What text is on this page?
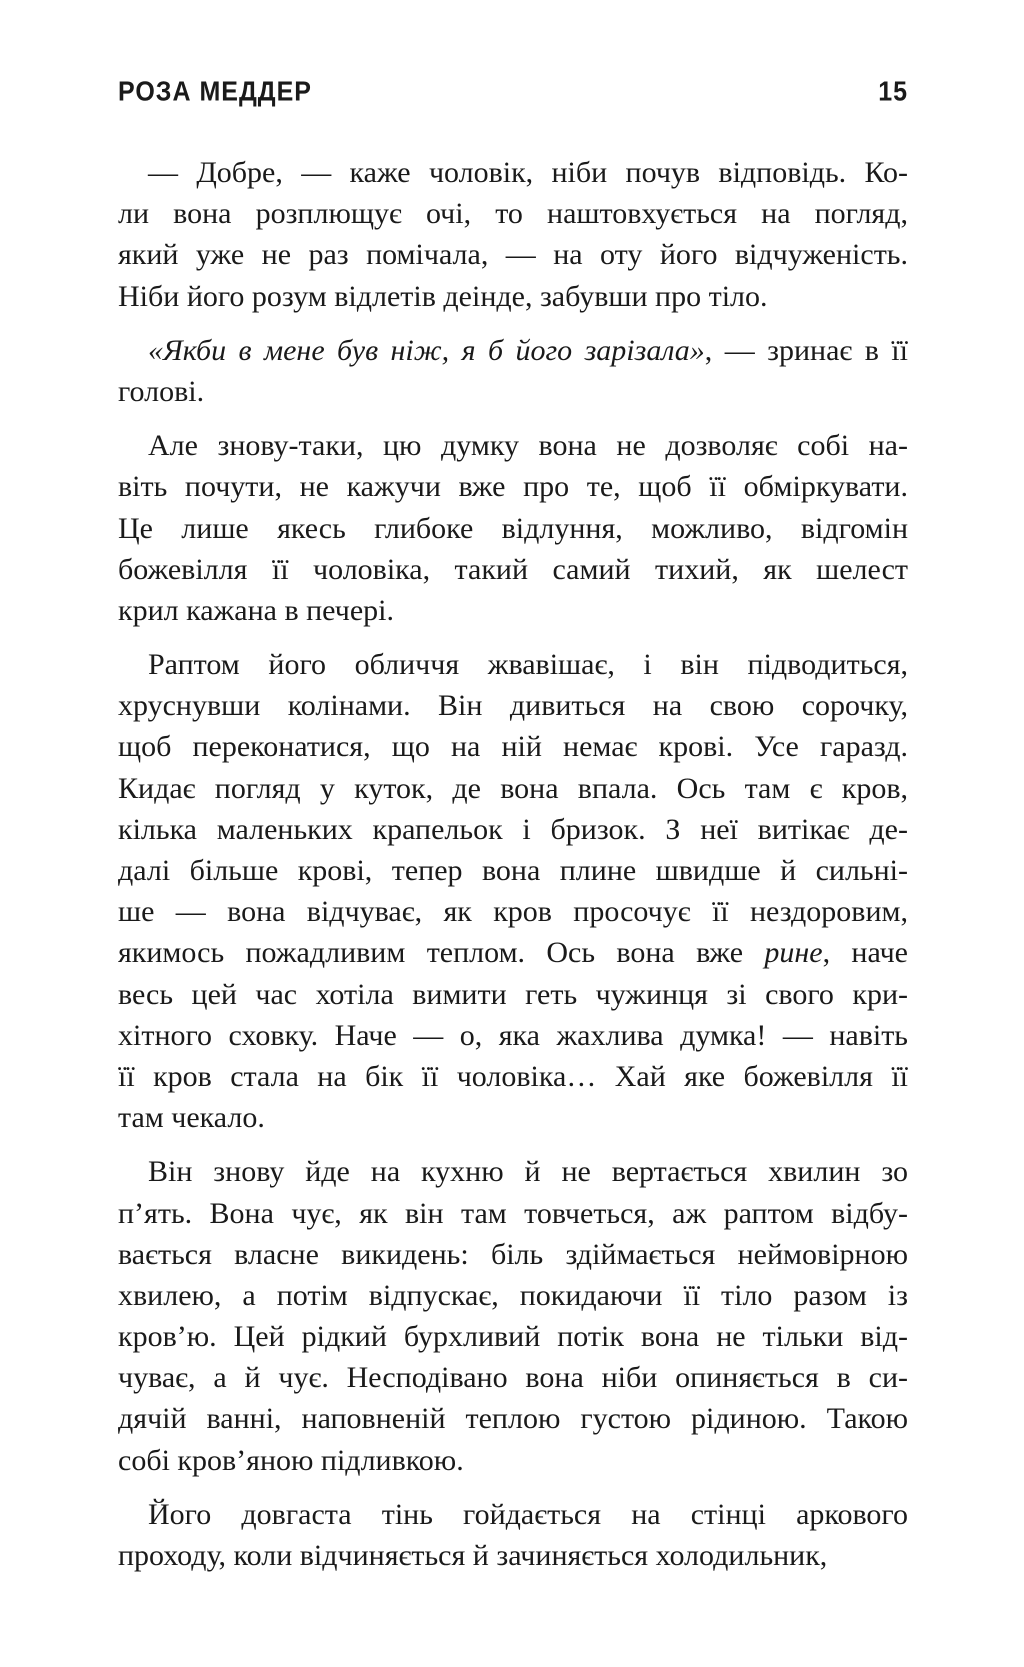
РОЗА МЕДДЕР	15
— Добре, — каже чоловік, ніби почув відповідь. Ко-
ли вона розплющує очі, то наштовхується на погляд,
який уже не раз помічала, — на оту його відчуженість.
Ніби його розум відлетів деінде, забувши про тіло.
«Якби в мене був ніж, я б його зарізала», — зринає в її
голові.
Але знову-таки, цю думку вона не дозволяє собі на-
віть почути, не кажучи вже про те, щоб її обміркувати.
Це лише якесь глибоке відлуння, можливо, відгомін
божевілля її чоловіка, такий самий тихий, як шелест
крил кажана в печері.
Раптом його обличчя жвавішає, і він підводиться,
хруснувши колінами. Він дивиться на свою сорочку,
щоб переконатися, що на ній немає крові. Усе гаразд.
Кидає погляд у куток, де вона впала. Ось там є кров,
кілька маленьких крапельок і бризок. З неї витікає де-
далі більше крові, тепер вона плине швидше й сильні-
ше — вона відчуває, як кров просочує її нездоровим,
якимось пожадливим теплом. Ось вона вже рине, наче
весь цей час хотіла вимити геть чужинця зі свого кри-
хітного сховку. Наче — о, яка жахлива думка! — навіть
її кров стала на бік її чоловіка… Хай яке божевілля її
там чекало.
Він знову йде на кухню й не вертається хвилин зо
п’ять. Вона чує, як він там товчеться, аж раптом відбу-
вається власне викидень: біль здіймається неймовірною
хвилею, а потім відпускає, покидаючи її тіло разом із
кров’ю. Цей рідкий бурхливий потік вона не тільки від-
чуває, а й чує. Несподівано вона ніби опиняється в си-
дячій ванні, наповненій теплою густою рідиною. Такою
собі кров’яною підливкою.
Його довгаста тінь гойдається на стінці аркового
проходу, коли відчиняється й зачиняється холодильник,
